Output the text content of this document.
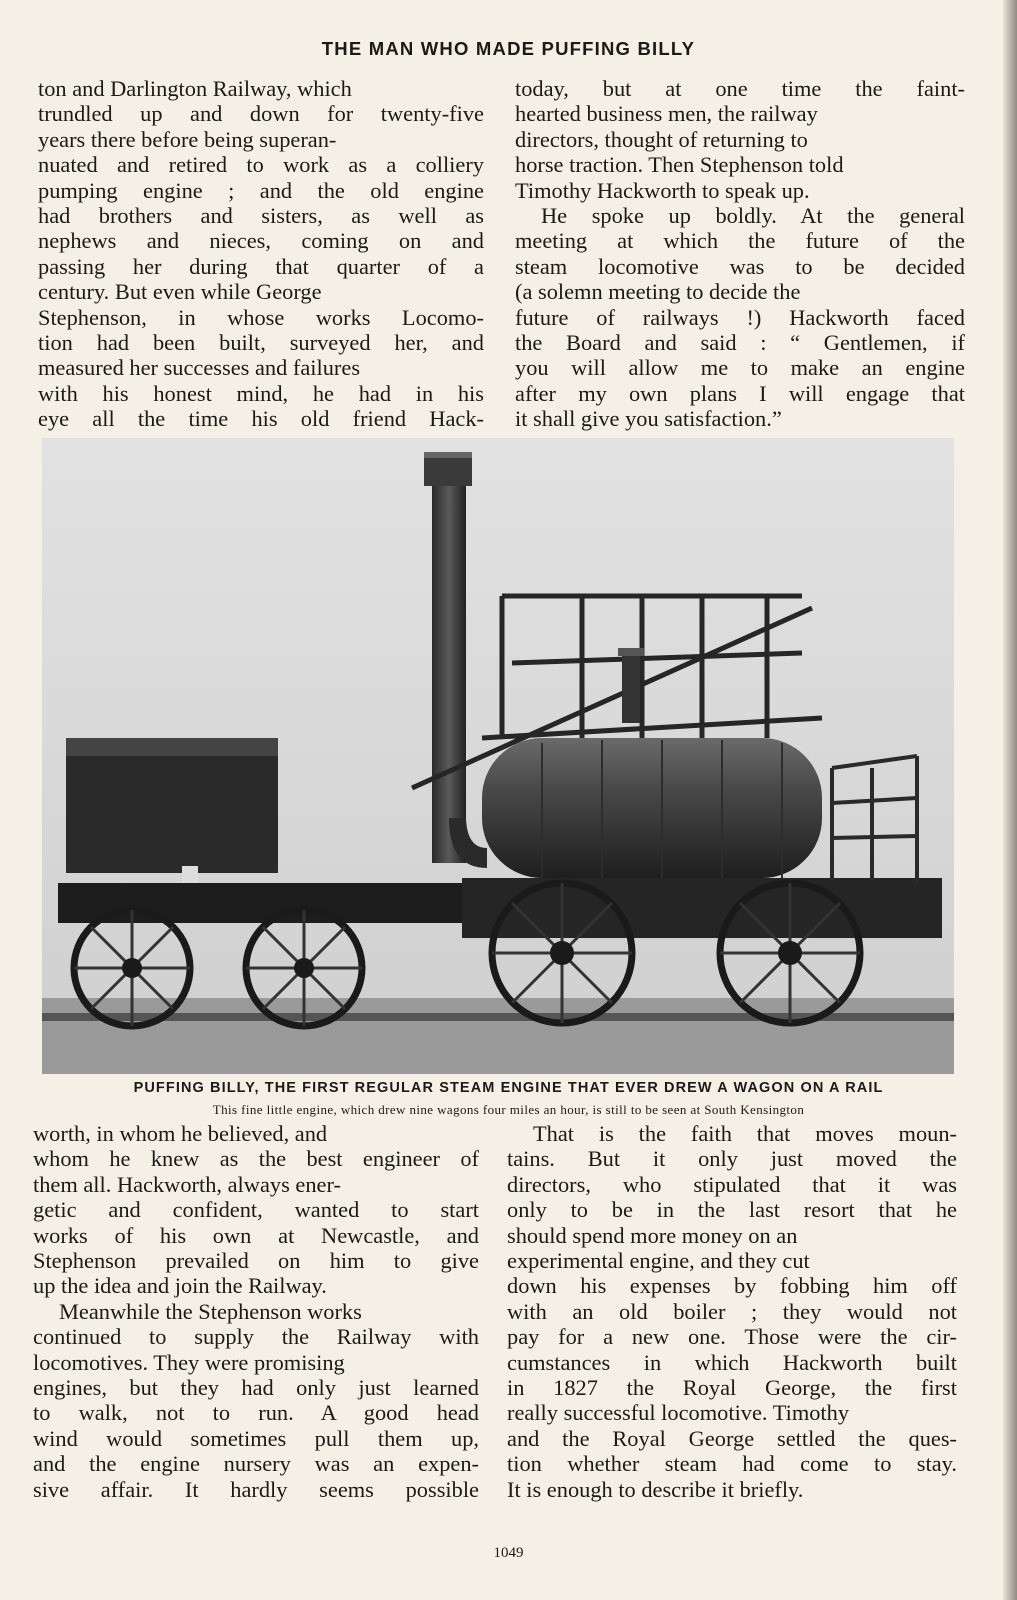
THE MAN WHO MADE PUFFING BILLY
ton and Darlington Railway, which
trundled up and down for twenty-five
years there before being superan-
nuated and retired to work as a colliery
pumping engine ; and the old engine
had brothers and sisters, as well as
nephews and nieces, coming on and
passing her during that quarter of a
century. But even while George
Stephenson, in whose works Locomo-
tion had been built, surveyed her, and
measured her successes and failures
with his honest mind, he had in his
eye all the time his old friend Hack-
today, but at one time the faint-
hearted business men, the railway
directors, thought of returning to
horse traction. Then Stephenson told
Timothy Hackworth to speak up.
He spoke up boldly. At the general
meeting at which the future of the
steam locomotive was to be decided
(a solemn meeting to decide the
future of railways !) Hackworth faced
the Board and said : “ Gentlemen, if
you will allow me to make an engine
after my own plans I will engage that
it shall give you satisfaction.”
PUFFING BILLY, THE FIRST REGULAR STEAM ENGINE THAT EVER DREW A WAGON ON A RAIL
This fine little engine, which drew nine wagons four miles an hour, is still to be seen at South Kensington
worth, in whom he believed, and
whom he knew as the best engineer of
them all. Hackworth, always ener-
getic and confident, wanted to start
works of his own at Newcastle, and
Stephenson prevailed on him to give
up the idea and join the Railway.
Meanwhile the Stephenson works
continued to supply the Railway with
locomotives. They were promising
engines, but they had only just learned
to walk, not to run. A good head
wind would sometimes pull them up,
and the engine nursery was an expen-
sive affair. It hardly seems possible
That is the faith that moves moun-
tains. But it only just moved the
directors, who stipulated that it was
only to be in the last resort that he
should spend more money on an
experimental engine, and they cut
down his expenses by fobbing him off
with an old boiler ; they would not
pay for a new one. Those were the cir-
cumstances in which Hackworth built
in 1827 the Royal George, the first
really successful locomotive. Timothy
and the Royal George settled the ques-
tion whether steam had come to stay.
It is enough to describe it briefly.
1049
